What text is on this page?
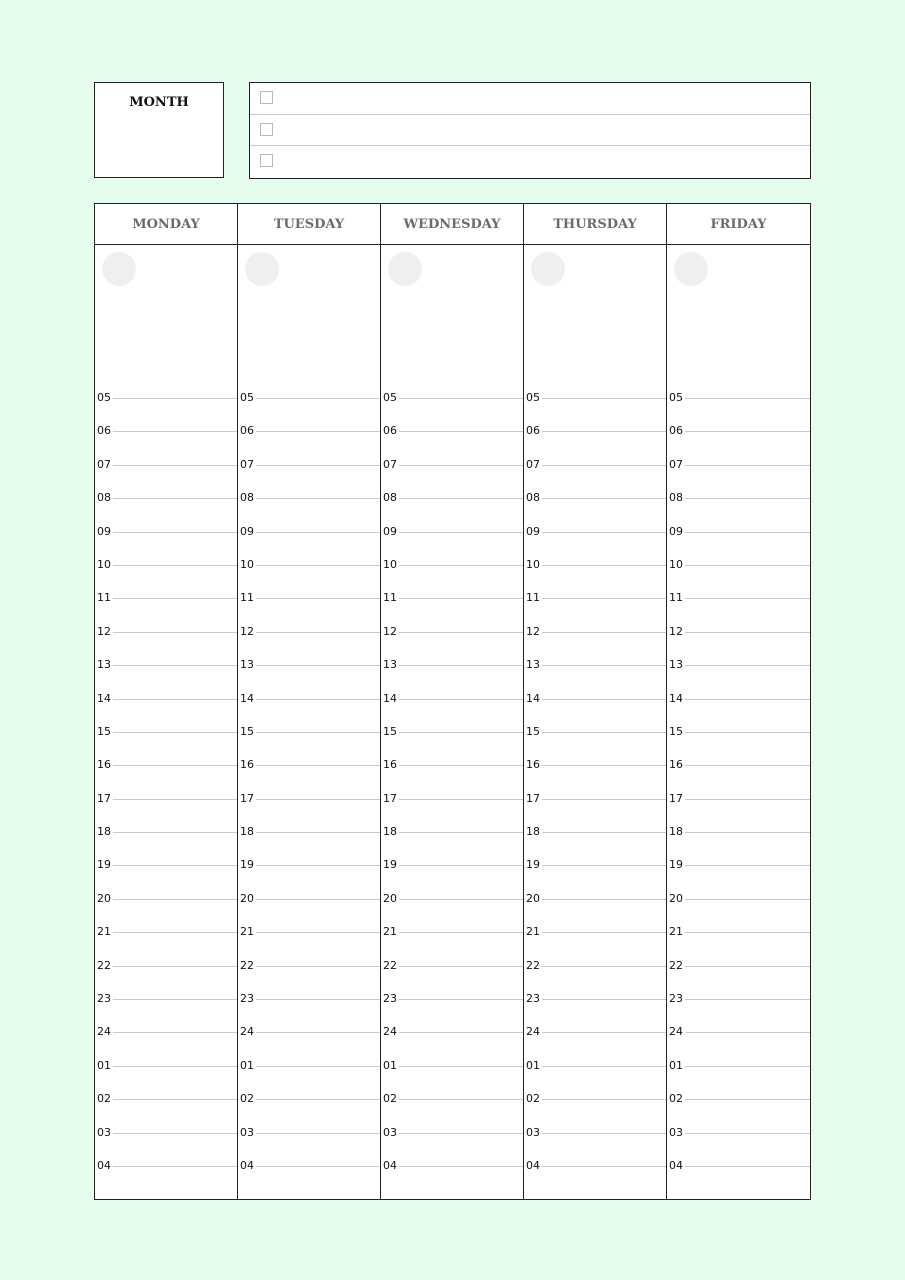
MONTH
MONDAY
05
06
07
08
09
10
11
12
13
14
15
16
17
18
19
20
21
22
23
24
01
02
03
04
TUESDAY
05
06
07
08
09
10
11
12
13
14
15
16
17
18
19
20
21
22
23
24
01
02
03
04
WEDNESDAY
05
06
07
08
09
10
11
12
13
14
15
16
17
18
19
20
21
22
23
24
01
02
03
04
THURSDAY
05
06
07
08
09
10
11
12
13
14
15
16
17
18
19
20
21
22
23
24
01
02
03
04
FRIDAY
05
06
07
08
09
10
11
12
13
14
15
16
17
18
19
20
21
22
23
24
01
02
03
04
